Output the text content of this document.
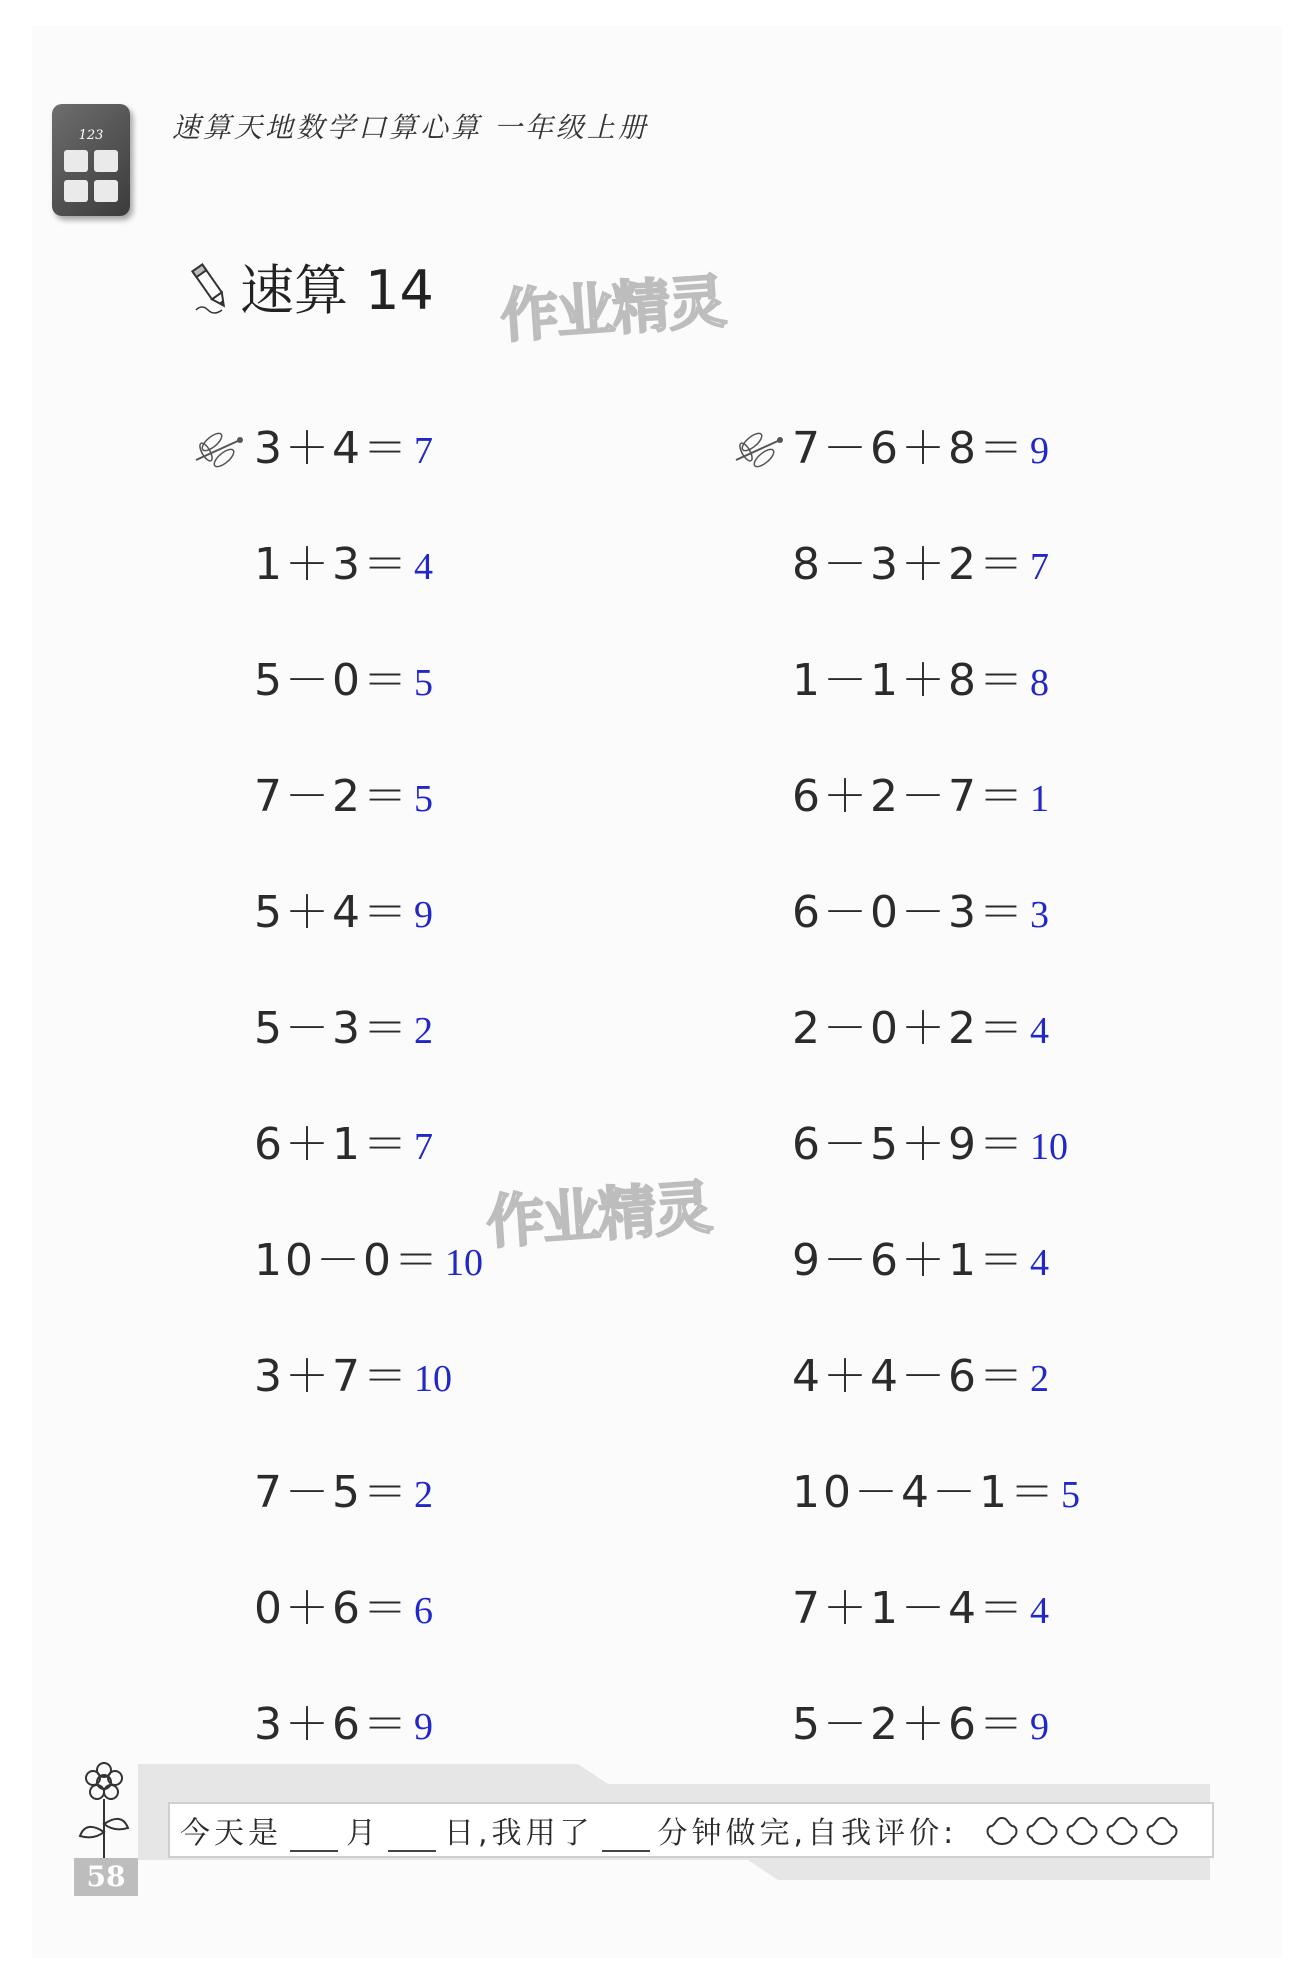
123	速算天地数学口算心算 一年级上册
速算 14 作业精灵
作业精灵
3＋4＝ 7
1＋3＝ 4
5－0＝ 5
7－2＝ 5
5＋4＝ 9
5－3＝ 2
6＋1＝ 7
10－0＝ 10
3＋7＝ 10
7－5＝ 2
0＋6＝ 6
3＋6＝ 9
7－6＋8＝ 9
8－3＋2＝ 7
1－1＋8＝ 8
6＋2－7＝ 1
6－0－3＝ 3
2－0＋2＝ 4
6－5＋9＝ 10
9－6＋1＝ 4
4＋4－6＝ 2
10－4－1＝ 5
7＋1－4＝ 4
5－2＋6＝ 9
今天是 月 日,我用了 分钟做完,自我评价:
58
